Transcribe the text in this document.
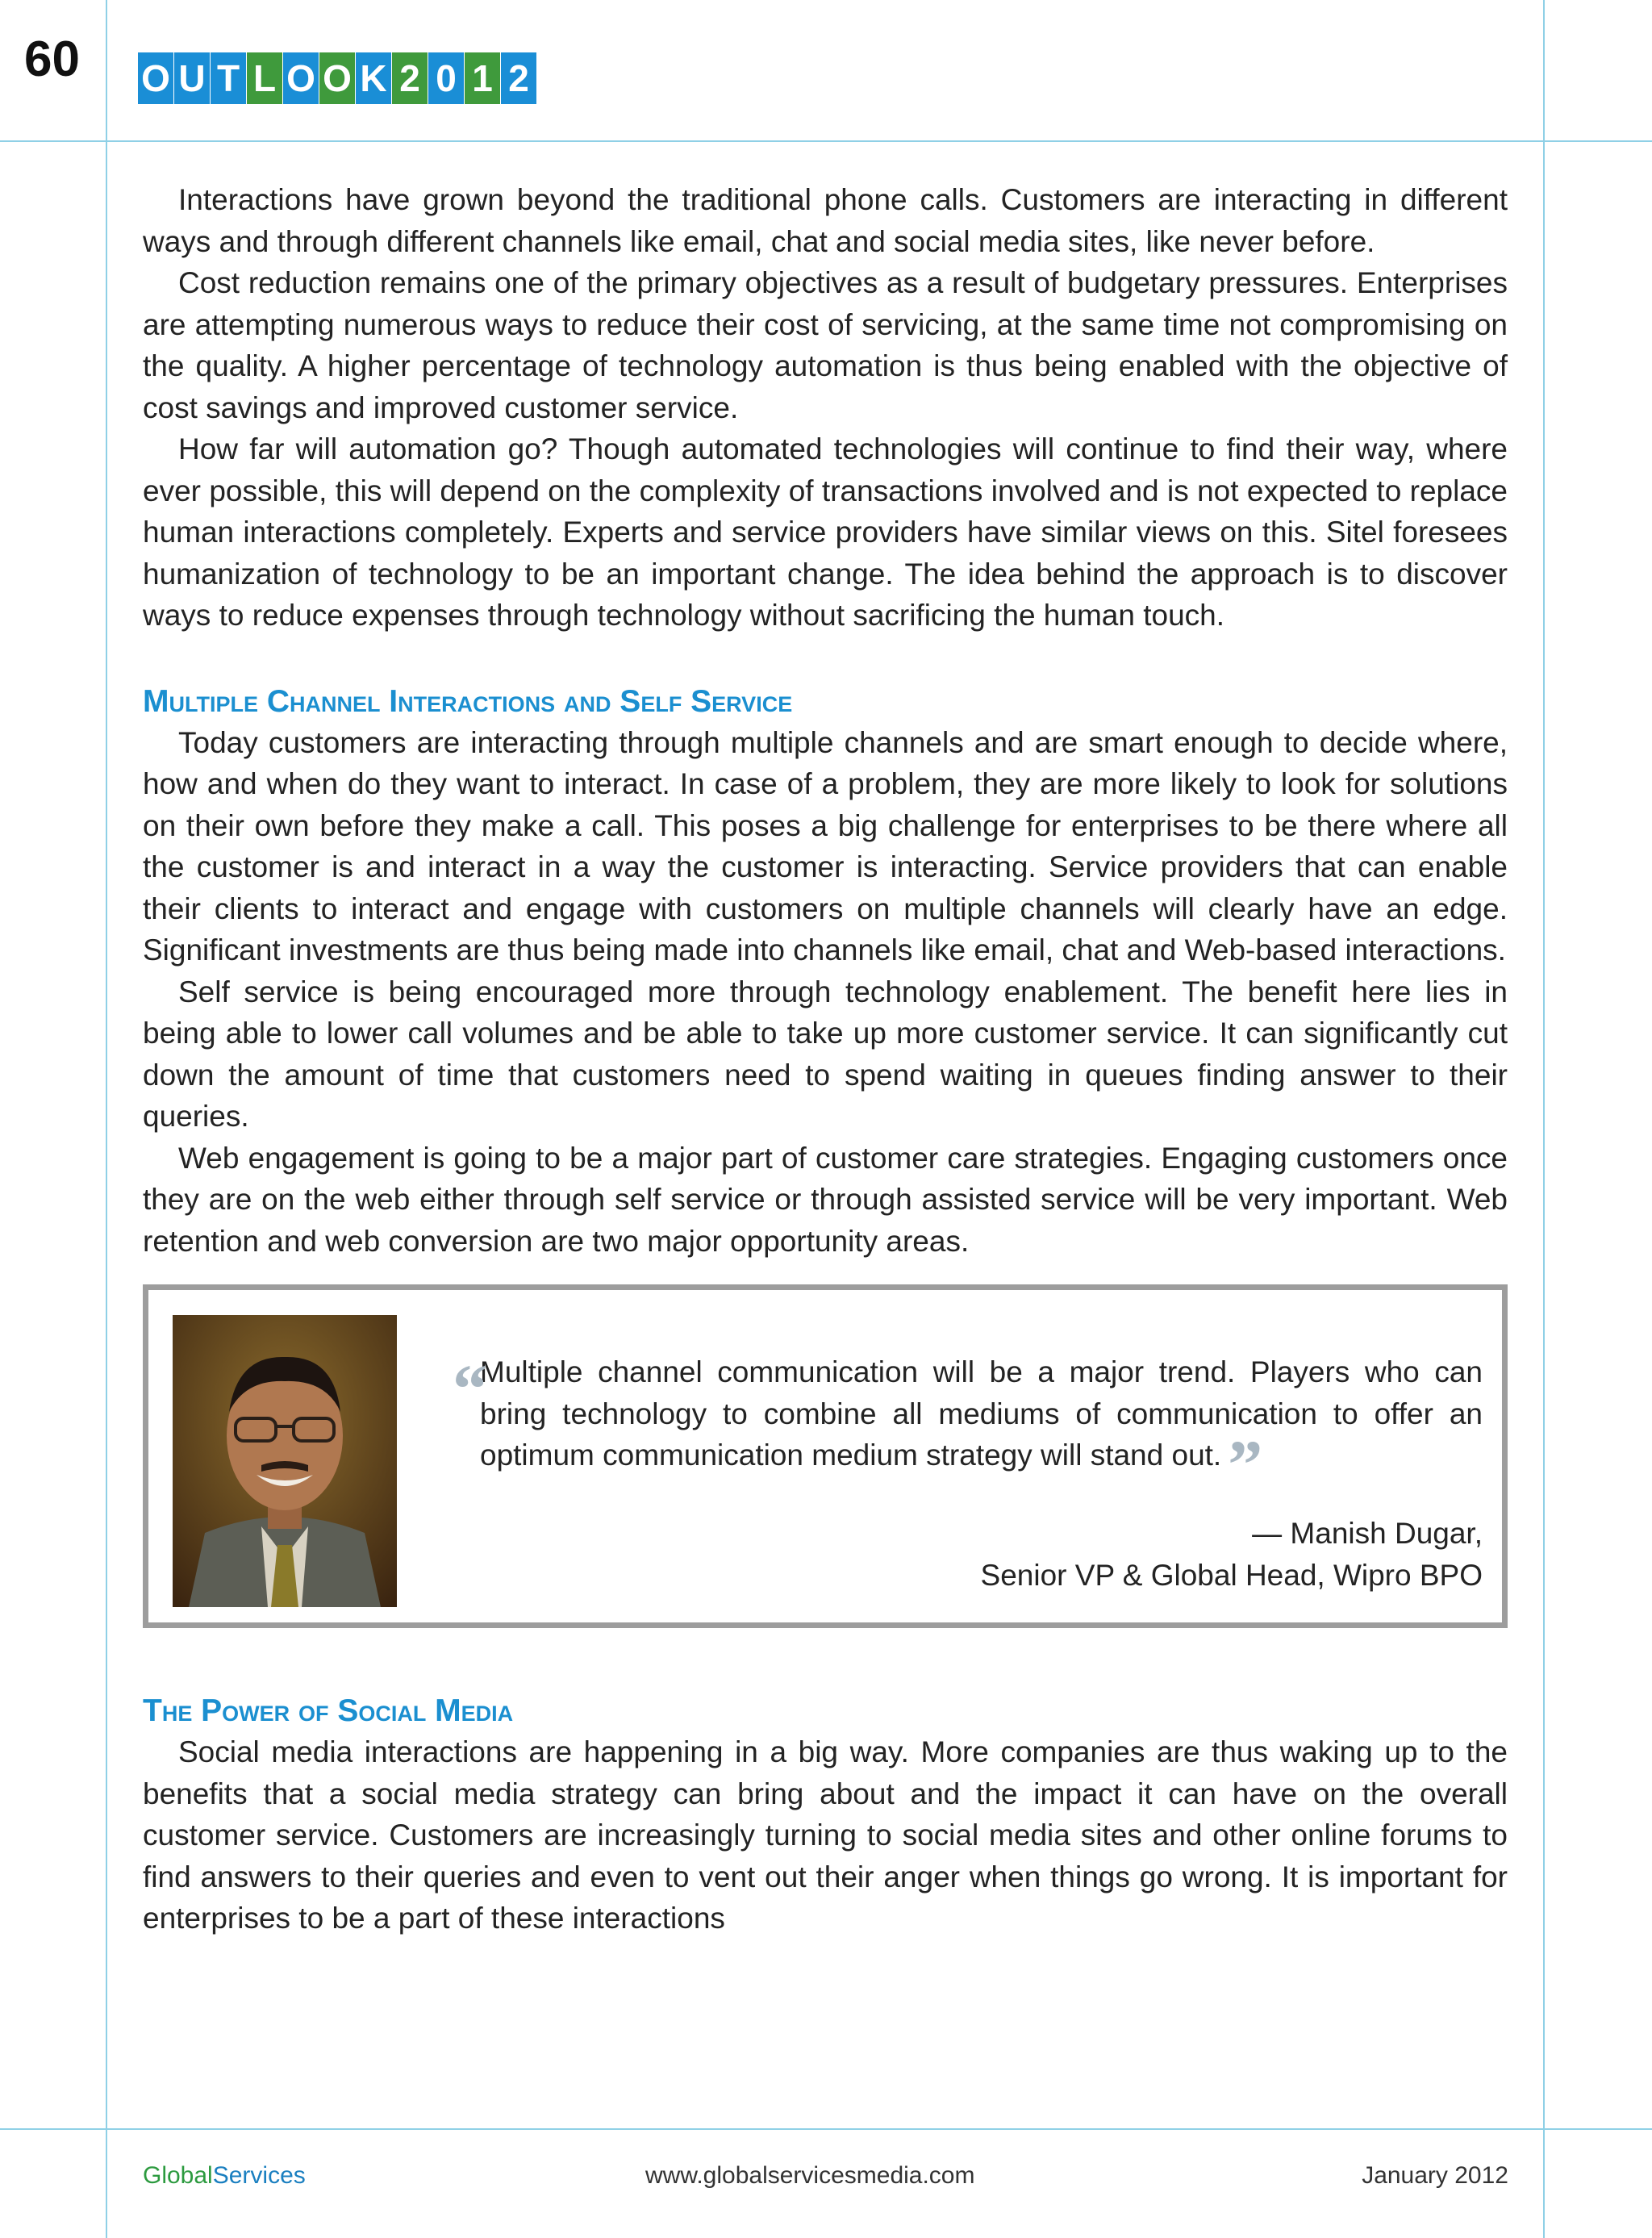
60 O U T L O O K 2 0 1 2

Interactions have grown beyond the traditional phone calls. Customers are interacting in different ways and through different channels like email, chat and social media sites, like never before.

Cost reduction remains one of the primary objectives as a result of budgetary pressures. Enterprises are attempting numerous ways to reduce their cost of servicing, at the same time not compromising on the quality. A higher percentage of technology automation is thus being enabled with the objective of cost savings and improved customer service.

How far will automation go? Though automated technologies will continue to find their way, where ever possible, this will depend on the complexity of transactions involved and is not expected to replace human interactions completely. Experts and service providers have similar views on this. Sitel foresees humanization of technology to be an important change. The idea behind the approach is to discover ways to reduce expenses through technology without sacrificing the human touch.

Multiple Channel Interactions and Self Service

Today customers are interacting through multiple channels and are smart enough to decide where, how and when do they want to interact. In case of a problem, they are more likely to look for solutions on their own before they make a call. This poses a big challenge for enterprises to be there where all the customer is and interact in a way the customer is interacting. Service providers that can enable their clients to interact and engage with customers on multiple channels will clearly have an edge. Significant investments are thus being made into channels like email, chat and Web-based interactions.

Self service is being encouraged more through technology enablement. The benefit here lies in being able to lower call volumes and be able to take up more customer service. It can significantly cut down the amount of time that customers need to spend waiting in queues finding answer to their queries.

Web engagement is going to be a major part of customer care strategies. Engaging customers once they are on the web either through self service or through assisted service will be very important. Web retention and web conversion are two major opportunity areas.

“
Multiple channel communication will be a major trend. Players who can bring technology to combine all mediums of communication to offer an optimum communication medium strategy will stand out.”
— Manish Dugar,
Senior VP & Global Head, Wipro BPO
The Power of Social Media

Social media interactions are happening in a big way. More companies are thus waking up to the benefits that a social media strategy can bring about and the impact it can have on the overall customer service. Customers are increasingly turning to social media sites and other online forums to find answers to their queries and even to vent out their anger when things go wrong. It is important for enterprises to be a part of these interactions

GlobalServices	www.globalservicesmedia.com	January 2012
